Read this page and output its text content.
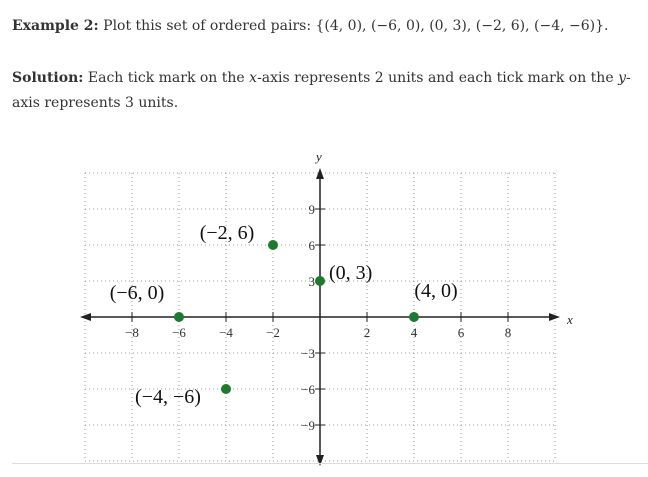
Example 2: Plot this set of ordered pairs: {(4, 0), (−6, 0), (0, 3), (−2, 6), (−4, −6)}.

Solution: Each tick mark on the x-axis represents 2 units and each tick mark on the y-axis represents 3 units.

x
y
−8	−6	−4	−2	2	4	6	8
9
6
3
−3
−6
−9
(4, 0)
(−6, 0)
(0, 3)
(−2, 6)
(−4, −6)
